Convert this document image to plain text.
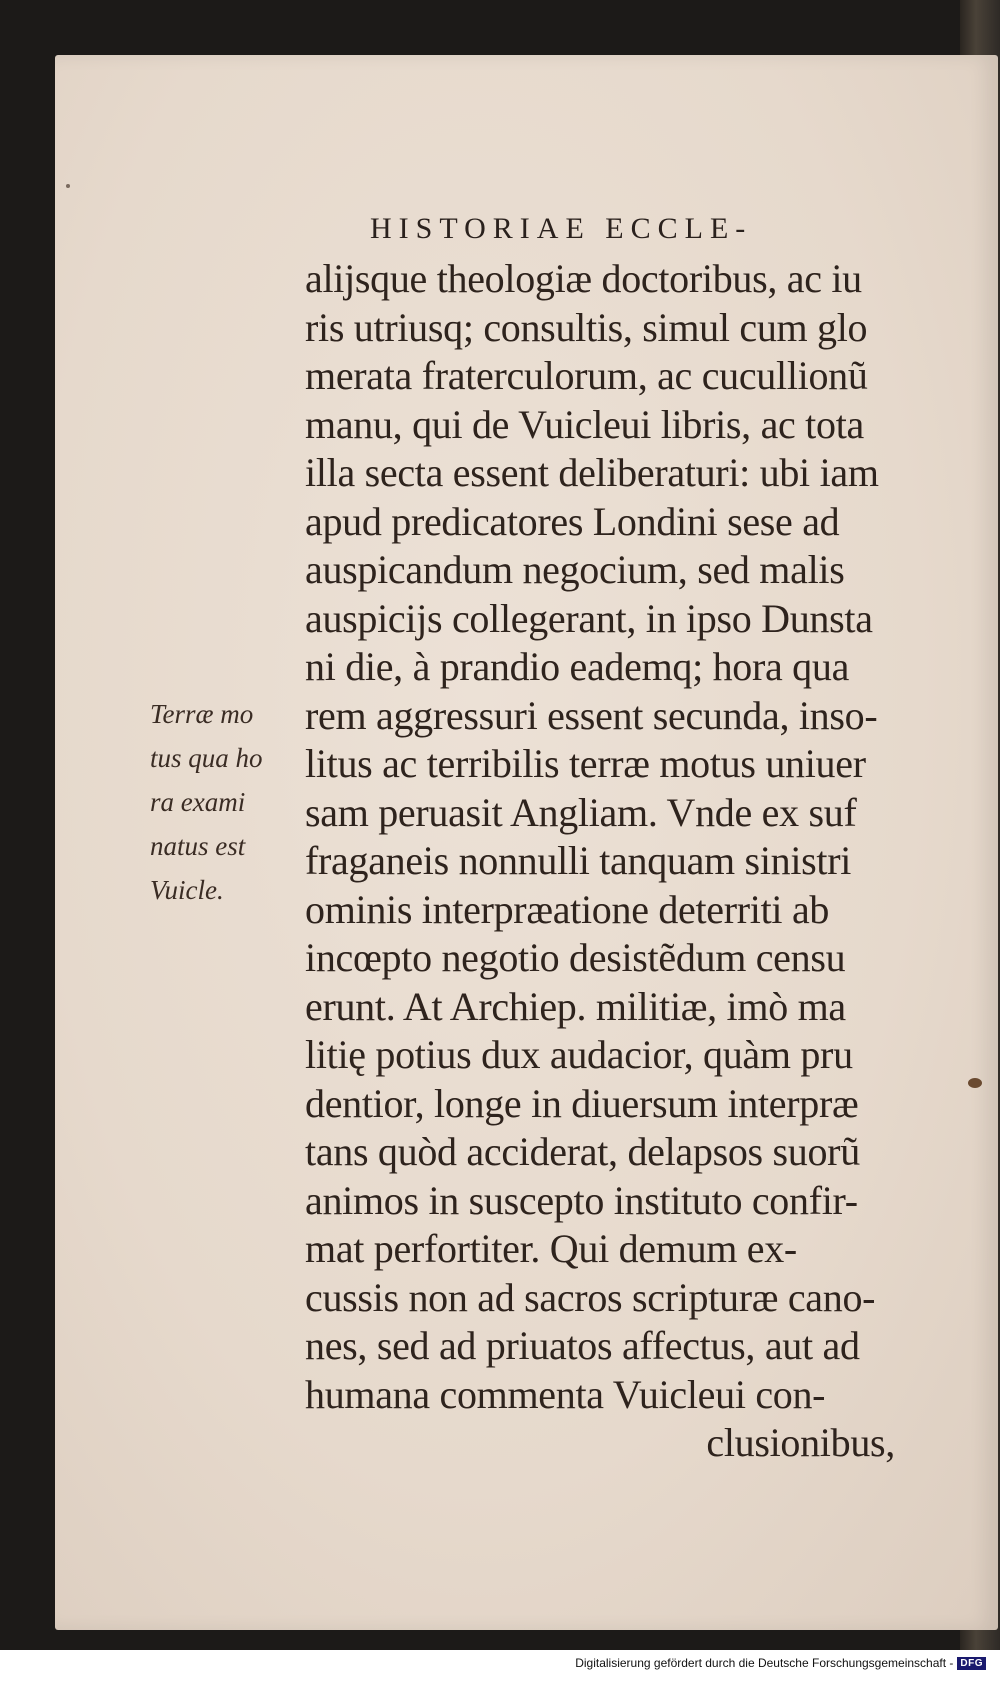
HISTORIAE ECCLE-
alijsque theologiæ doctoribus, ac iu
ris utriusq; consultis, simul cum glo
merata fraterculorum, ac cucullionũ
manu, qui de Vuicleui libris, ac tota
illa secta essent deliberaturi: ubi iam
apud predicatores Londini sese ad
auspicandum negocium, sed malis
auspicijs collegerant, in ipso Dunsta
ni die, à prandio eademq; hora qua
rem aggressuri essent secunda, inso-
litus ac terribilis terræ motus uniuer
sam peruasit Angliam. Vnde ex suf
fraganeis nonnulli tanquam sinistri
ominis interpræatione deterriti ab
incœpto negotio desistẽdum censu
erunt. At Archiep. militiæ, imò ma
litię potius dux audacior, quàm pru
dentior, longe in diuersum interpræ
tans quòd acciderat, delapsos suorũ
animos in suscepto instituto confir-
mat perfortiter. Qui demum ex-
cussis non ad sacros scripturæ cano-
nes, sed ad priuatos affectus, aut ad
humana commenta Vuicleui con-
clusionibus,
Terræ mo
tus qua ho
ra exami
natus est
Vuicle.
Digitalisierung gefördert durch die Deutsche Forschungsgemeinschaft - DFG
